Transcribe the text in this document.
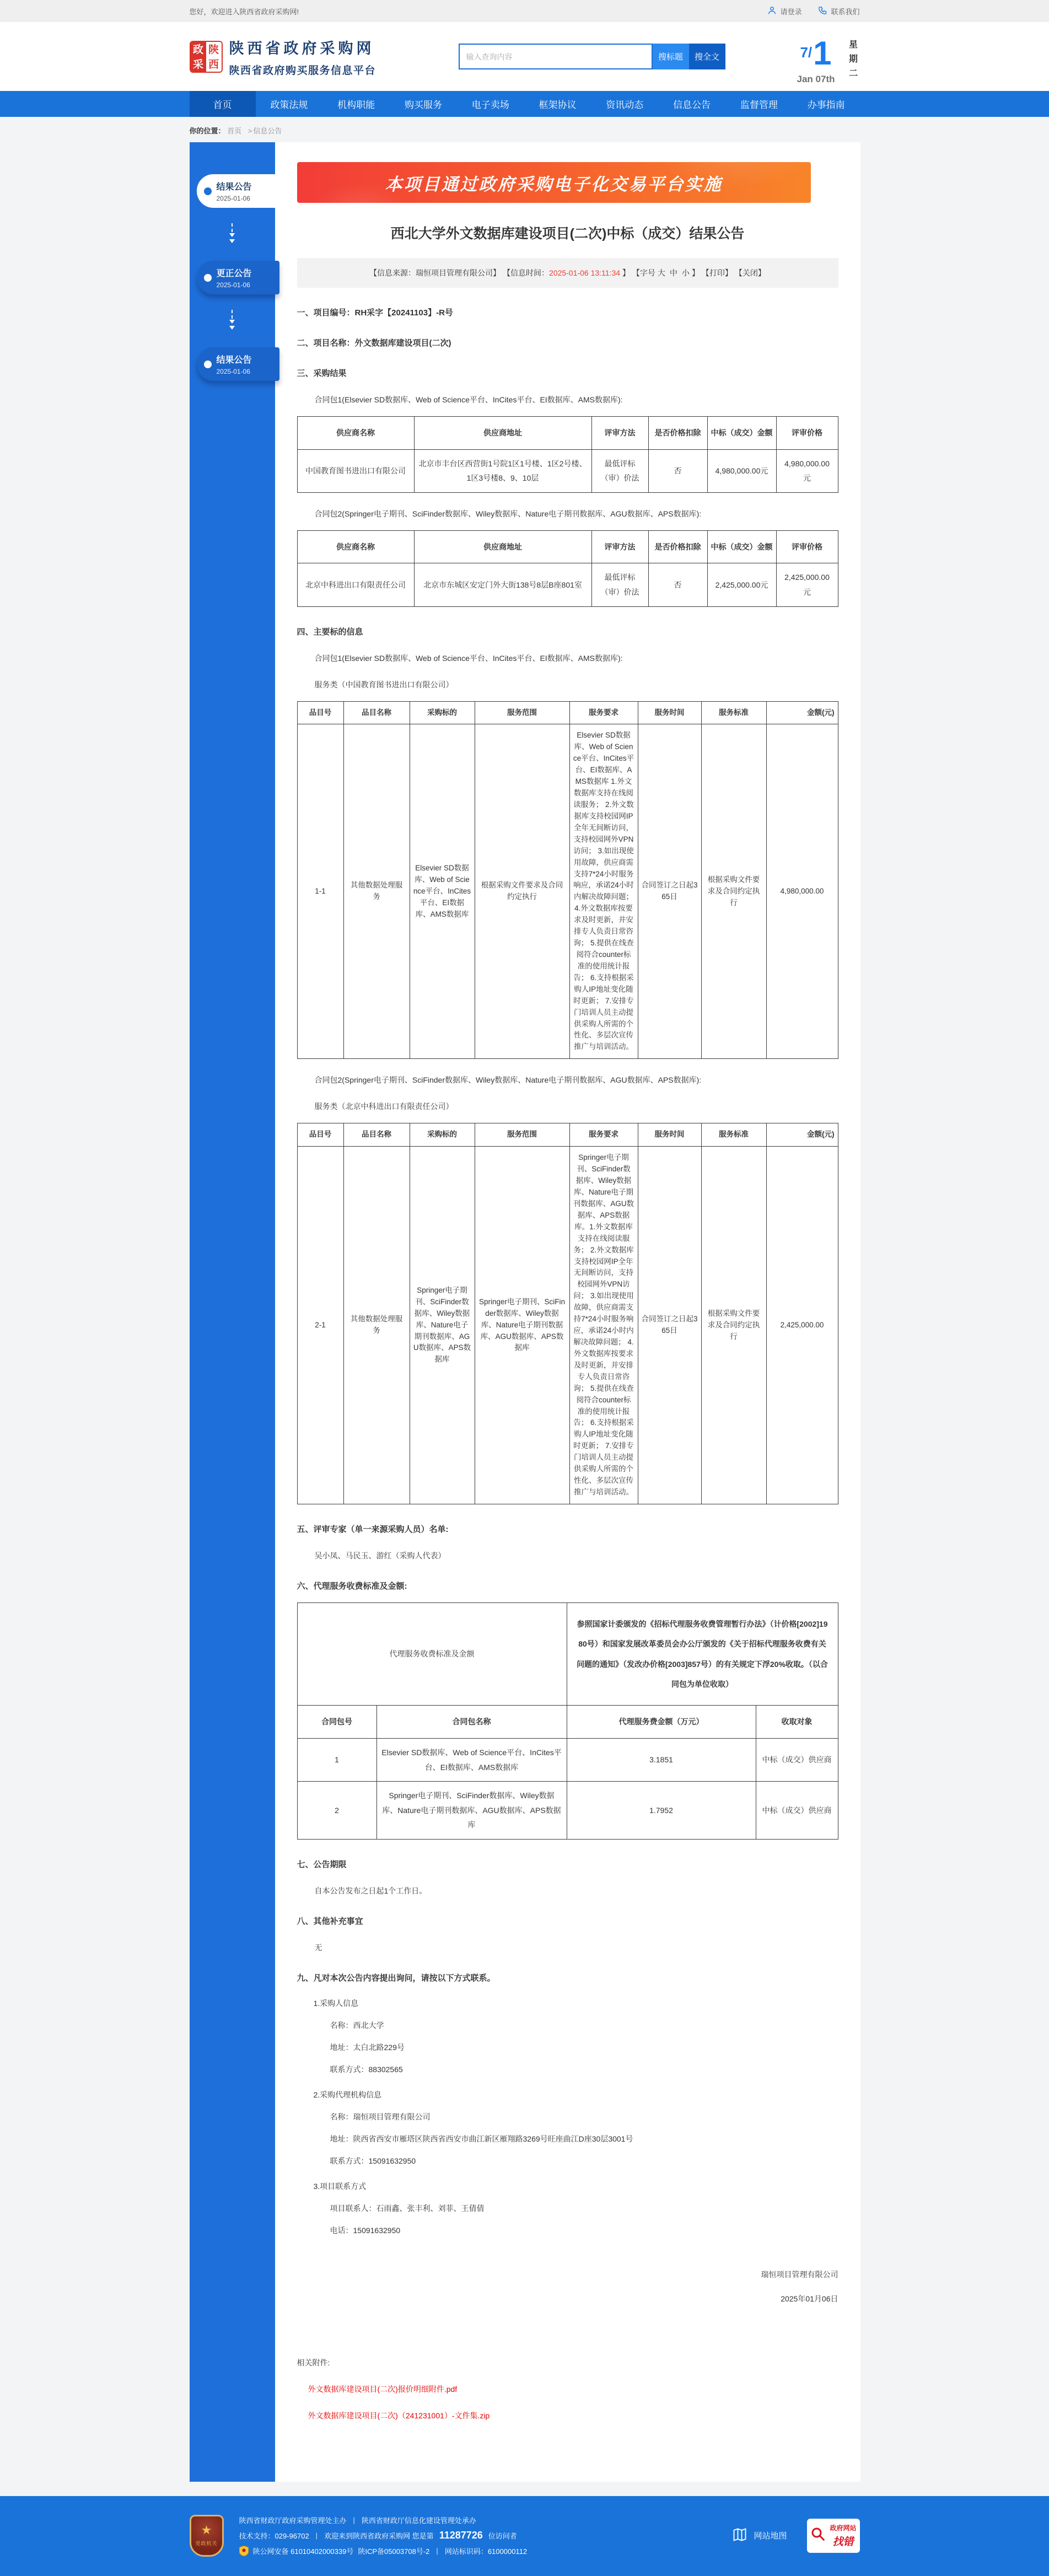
您好，欢迎进入陕西省政府采购网!	请登录	联系我们
政采
陕西
陕西省政府采购网
陕西省政府购买服务信息平台
输入查询内容
搜标题	搜全文	7/ 1
Jan 07th 星期二
首页	政策法规	机构职能	购买服务	电子卖场	框架协议	资讯动态	信息公告	监督管理	办事指南
你的位置： 首页 > 信息公告
结果公告
2025-01-06
更正公告
2025-01-06
结果公告
2025-01-06
本项目通过政府采购电子化交易平台实施
西北大学外文数据库建设项目(二次)中标（成交）结果公告
【信息来源：瑞恒项目管理有限公司】 【信息时间：2025-01-06 13:11:34 】 【字号 大 中 小 】 【打印】 【关闭】
一、项目编号：RH采字【20241103】-R号
二、项目名称：外文数据库建设项目(二次)
三、采购结果

合同包1(Elsevier SD数据库、Web of Science平台、InCites平台、EI数据库、AMS数据库):

供应商名称	供应商地址	评审方法	是否价格扣除	中标（成交）金额	评审价格
中国教育图书进出口有限公司	北京市丰台区西营街1号院1区1号楼、1区2号楼、1区3号楼8、9、10层	最低评标（审）价法	否	4,980,000.00元	4,980,000.00 元

合同包2(Springer电子期刊、SciFinder数据库、Wiley数据库、Nature电子期刊数据库、AGU数据库、APS数据库):

供应商名称	供应商地址	评审方法	是否价格扣除	中标（成交）金额	评审价格
北京中科进出口有限责任公司	北京市东城区安定门外大街138号8层B座801室	最低评标（审）价法	否	2,425,000.00元	2,425,000.00 元
四、主要标的信息

合同包1(Elsevier SD数据库、Web of Science平台、InCites平台、EI数据库、AMS数据库):

服务类（中国教育图书进出口有限公司）

品目号	品目名称	采购标的	服务范围	服务要求	服务时间	服务标准	金额(元)
1-1	其他数据处理服务	Elsevier SD数据库、Web of Science平台、InCites平台、EI数据库、AMS数据库	根据采购文件要求及合同约定执行	Elsevier SD数据库、Web of Science平台、InCites平台、EI数据库、AMS数据库 1.外文数据库支持在线阅读服务； 2.外文数据库支持校园网IP全年无间断访问，支持校园网外VPN访问； 3.如出现使用故障，供应商需支持7*24小时服务响应，承诺24小时内解决故障问题； 4.外文数据库按要求及时更新，并安排专人负责日常咨询； 5.提供在线查阅符合counter标准的使用统计报告； 6.支持根据采购人IP地址变化随时更新； 7.安排专门培训人员主动提供采购人所需的个性化、多层次宣传推广与培训活动。	合同签订之日起365日	根据采购文件要求及合同约定执行	4,980,000.00

合同包2(Springer电子期刊、SciFinder数据库、Wiley数据库、Nature电子期刊数据库、AGU数据库、APS数据库):

服务类（北京中科进出口有限责任公司）

品目号	品目名称	采购标的	服务范围	服务要求	服务时间	服务标准	金额(元)
2-1	其他数据处理服务	Springer电子期刊、SciFinder数据库、Wiley数据库、Nature电子期刊数据库、AGU数据库、APS数据库	Springer电子期刊、SciFinder数据库、Wiley数据库、Nature电子期刊数据库、AGU数据库、APS数据库	Springer电子期刊、SciFinder数据库、Wiley数据库、Nature电子期刊数据库、AGU数据库、APS数据库。1.外文数据库支持在线阅读服务； 2.外文数据库支持校园网IP全年无间断访问，支持校园网外VPN访问； 3.如出现使用故障，供应商需支持7*24小时服务响应，承诺24小时内解决故障问题； 4.外文数据库按要求及时更新，并安排专人负责日常咨询； 5.提供在线查阅符合counter标准的使用统计报告； 6.支持根据采购人IP地址变化随时更新； 7.安排专门培训人员主动提供采购人所需的个性化、多层次宣传推广与培训活动。	合同签订之日起365日	根据采购文件要求及合同约定执行	2,425,000.00
五、评审专家（单一来源采购人员）名单:

吴小凤、马民玉、游红（采购人代表）

六、代理服务收费标准及金额:
代理服务收费标准及金额		参照国家计委颁发的《招标代理服务收费管理暂行办法》（计价格[2002]1980号）和国家发展改革委员会办公厅颁发的《关于招标代理服务收费有关问题的通知》（发改办价格[2003]857号）的有关规定下浮20%收取。（以合同包为单位收取）	
合同包号	合同包名称	代理服务费金额（万元）	收取对象
1	Elsevier SD数据库、Web of Science平台、InCites平台、EI数据库、AMS数据库	3.1851	中标（成交）供应商
2	Springer电子期刊、SciFinder数据库、Wiley数据库、Nature电子期刊数据库、AGU数据库、APS数据库	1.7952	中标（成交）供应商
七、公告期限

自本公告发布之日起1个工作日。

八、其他补充事宜

无

九、凡对本次公告内容提出询问，请按以下方式联系。

1.采购人信息

名称：西北大学

地址：太白北路229号

联系方式：88302565

2.采购代理机构信息

名称：瑞恒项目管理有限公司

地址：陕西省西安市雁塔区陕西省西安市曲江新区雁翔路3269号旺座曲江D座30层3001号

联系方式：15091632950

3.项目联系方式

项目联系人：石雨鑫、张丰利、刘菲、王倩倩

电话：15091632950

瑞恒项目管理有限公司

2025年01月06日

相关附件:

外文数据库建设项目(二次)报价明细附件.pdf
外文数据库建设项目(二次)（241231001）-文件集.zip
★
党政机关

陕西省财政厅政府采购管理处主办 | 陕西省财政厅信息化建设管理处承办

技术支持：029-96702 | 欢迎来到陕西省政府采购网 您是第 11287726 位访问者

陕公网安备 61010402000339号 陕ICP备05003708号-2 | 网站标识码：6100000112

网站地图
政府网站
找错
